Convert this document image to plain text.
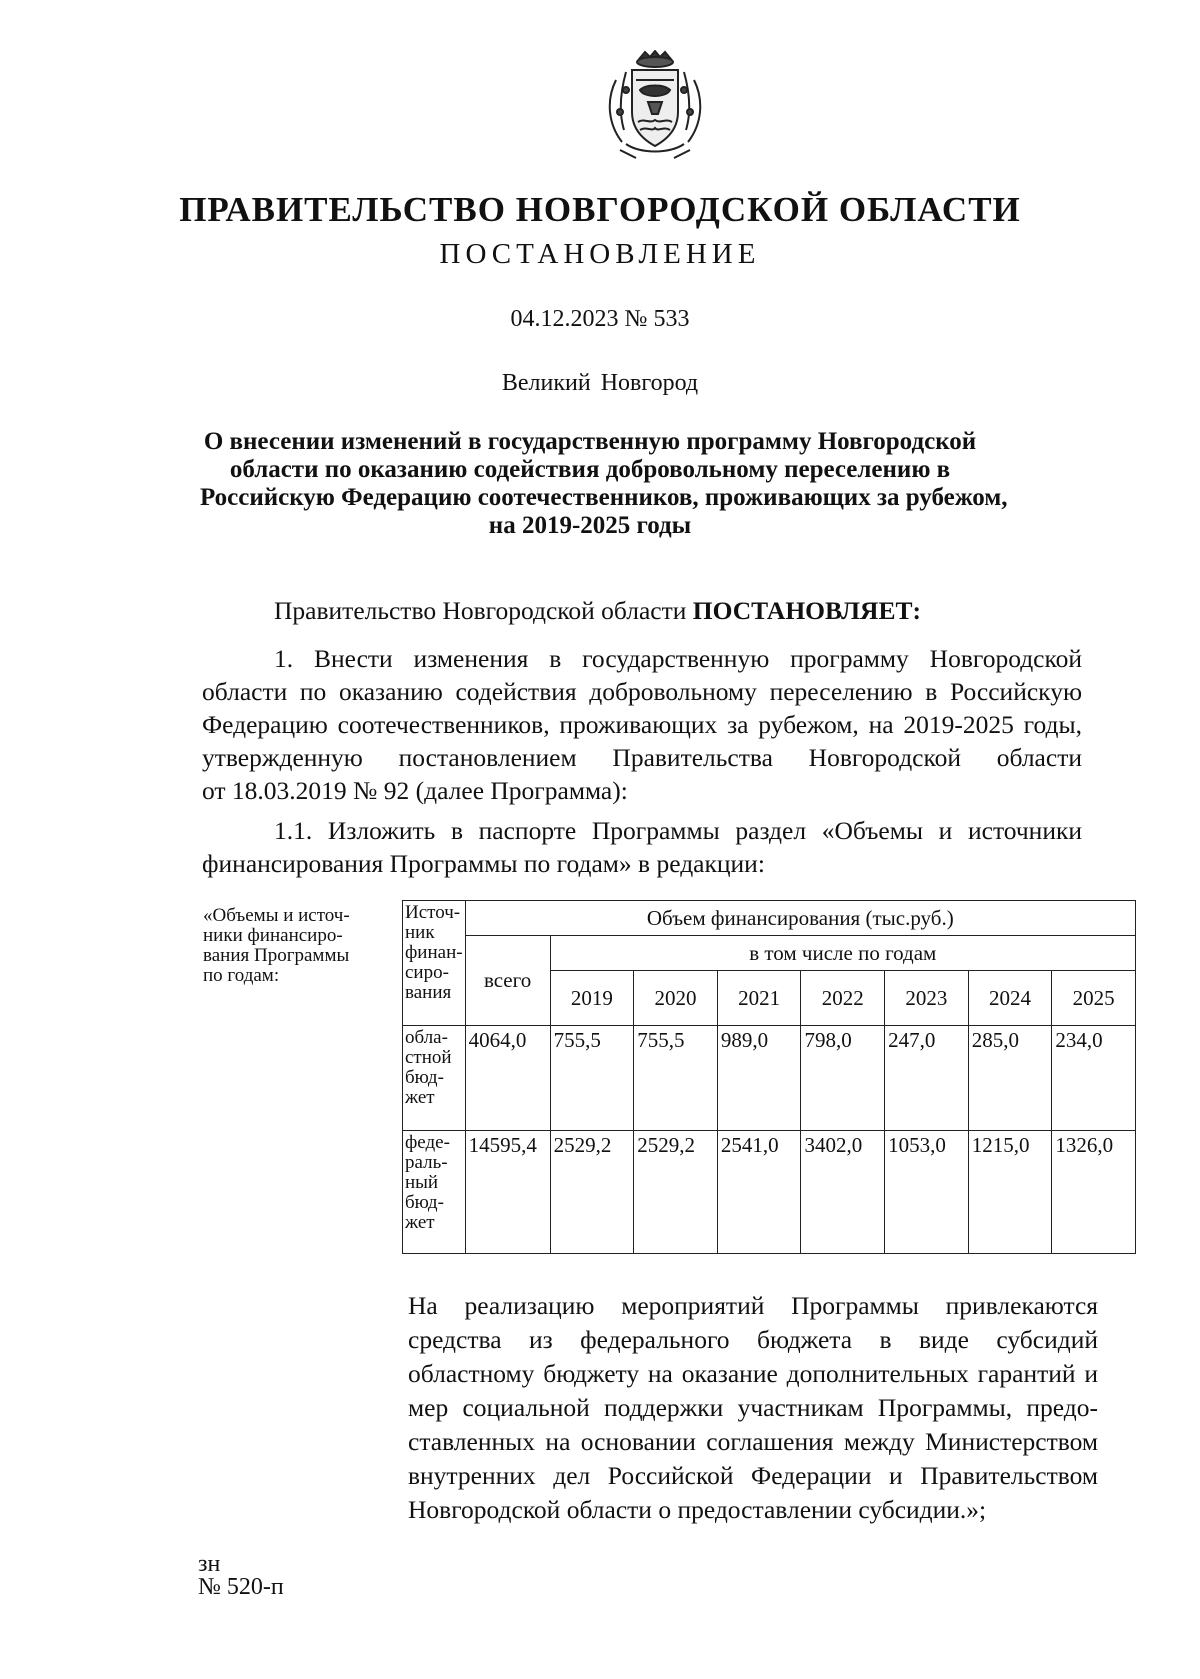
ПРАВИТЕЛЬСТВО НОВГОРОДСКОЙ ОБЛАСТИ
ПОСТАНОВЛЕНИЕ
04.12.2023 № 533
Великий Новгород
О внесении изменений в государственную программу Новгородской
области по оказанию содействия добровольному переселению в
Российскую Федерацию соотечественников, проживающих за рубежом,
на 2019-2025 годы
Правительство Новгородской области ПОСТАНОВЛЯЕТ:
1. Внести изменения в государственную программу Новгородской
области по оказанию содействия добровольному переселению в Российскую
Федерацию соотечественников, проживающих за рубежом, на 2019-2025 годы,
утвержденную постановлением Правительства Новгородской области
от 18.03.2019 № 92 (далее Программа):
1.1. Изложить в паспорте Программы раздел «Объемы и источники
финансирования Программы по годам» в редакции:
«Объемы и источ-
ники финансиро-
вания Программы
по годам:
Источ-
ник
финан-
сиро-
вания	Объем финансирования (тыс.руб.)							
	всего	в том числе по годам						
		2019	2020	2021	2022	2023	2024	2025

обла-
стной
бюд-
жет	4064,0	755,5	755,5	989,0	798,0	247,0	285,0	234,0

феде-
раль-
ный
бюд-
жет	14595,4	2529,2	2529,2	2541,0	3402,0	1053,0	1215,0	1326,0
На реализацию мероприятий Программы привлекаются
средства из федерального бюджета в виде субсидий
областному бюджету на оказание дополнительных гарантий и
мер социальной поддержки участникам Программы, предо-
ставленных на основании соглашения между Министерством
внутренних дел Российской Федерации и Правительством
Новгородской области о предоставлении субсидии.»;
зн
№ 520-п
